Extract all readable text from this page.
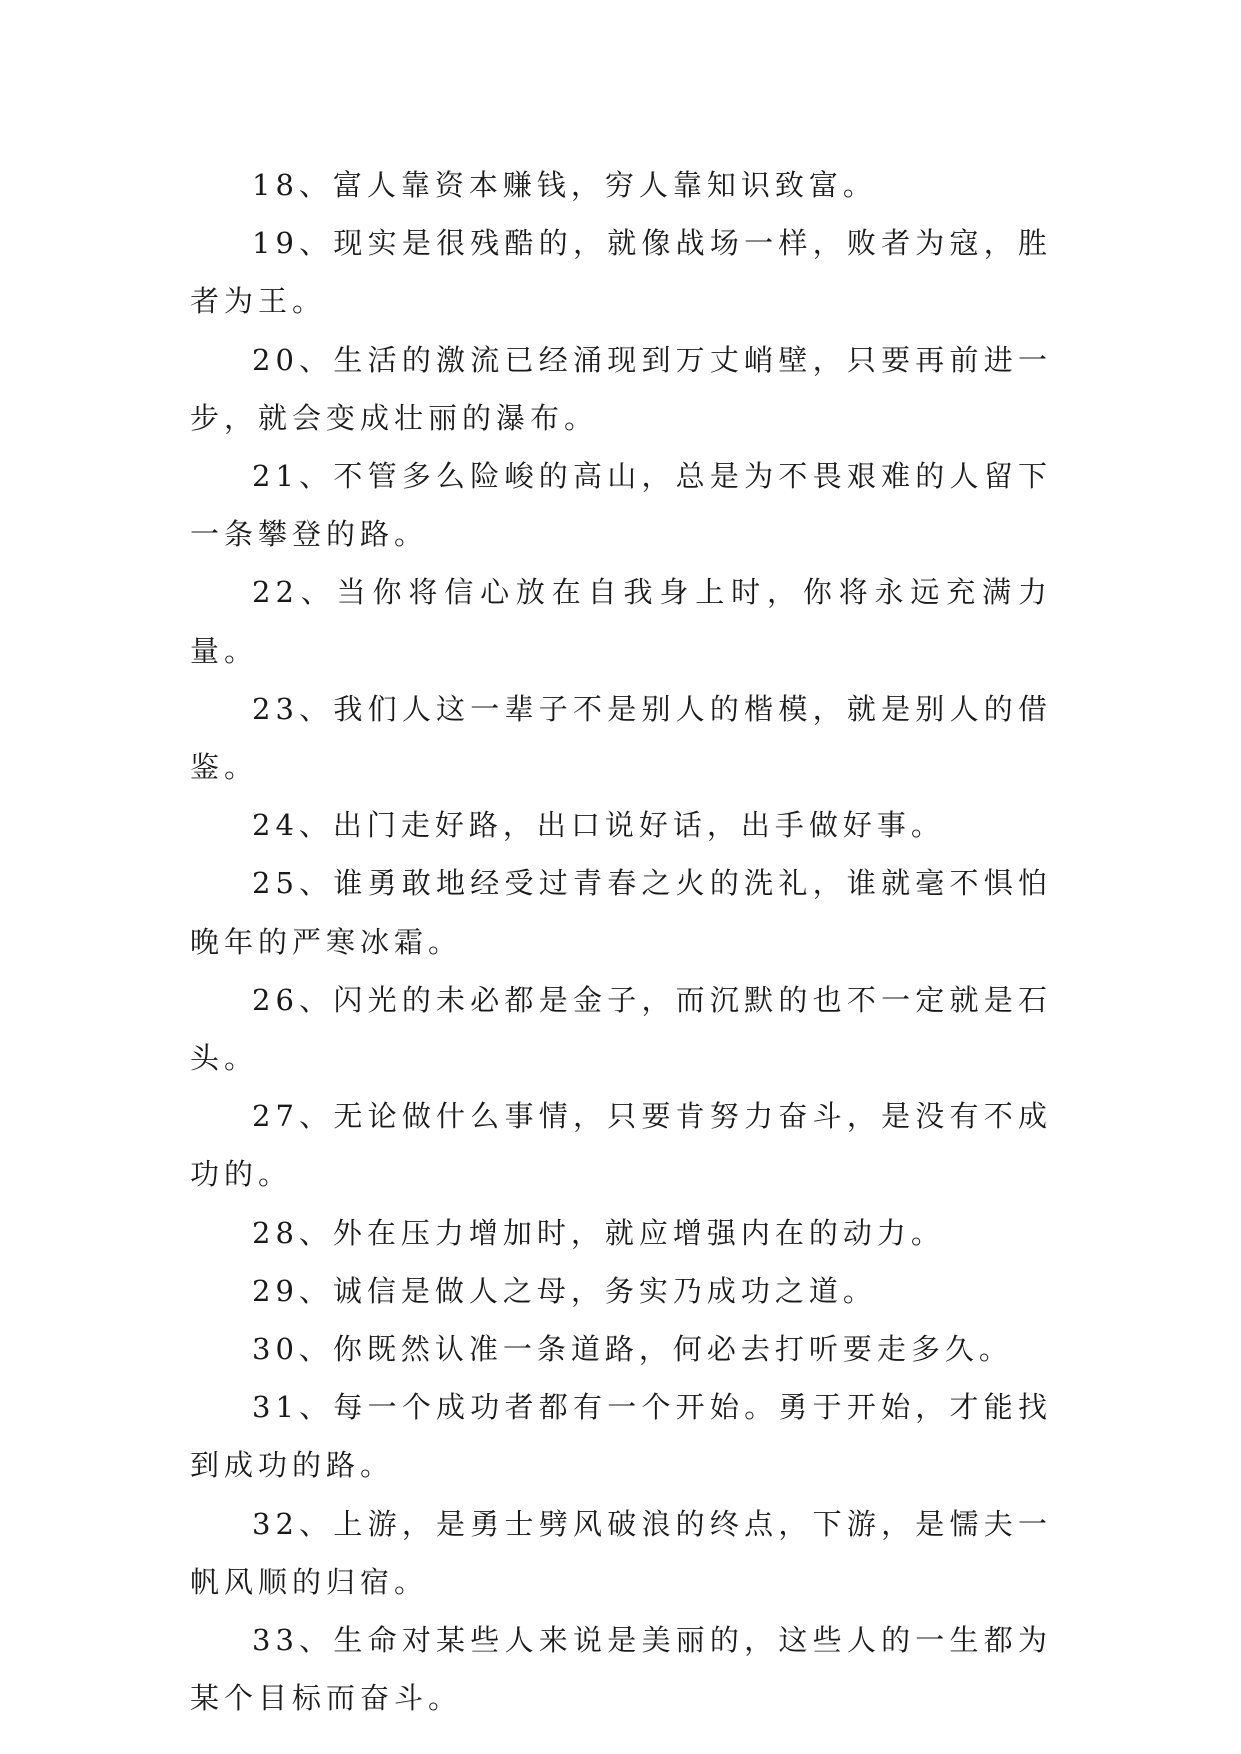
18、富人靠资本赚钱，穷人靠知识致富。

19、现实是很残酷的，就像战场一样，败者为寇，胜者为王。

20、生活的激流已经涌现到万丈峭壁，只要再前进一步，就会变成壮丽的瀑布。

21、不管多么险峻的高山，总是为不畏艰难的人留下一条攀登的路。

22、当你将信心放在自我身上时，你将永远充满力量。

23、我们人这一辈子不是别人的楷模，就是别人的借鉴。

24、出门走好路，出口说好话，出手做好事。

25、谁勇敢地经受过青春之火的洗礼，谁就毫不惧怕晚年的严寒冰霜。

26、闪光的未必都是金子，而沉默的也不一定就是石头。

27、无论做什么事情，只要肯努力奋斗，是没有不成功的。

28、外在压力增加时，就应增强内在的动力。

29、诚信是做人之母，务实乃成功之道。

30、你既然认准一条道路，何必去打听要走多久。

31、每一个成功者都有一个开始。勇于开始，才能找到成功的路。

32、上游，是勇士劈风破浪的终点，下游，是懦夫一帆风顺的归宿。

33、生命对某些人来说是美丽的，这些人的一生都为某个目标而奋斗。
